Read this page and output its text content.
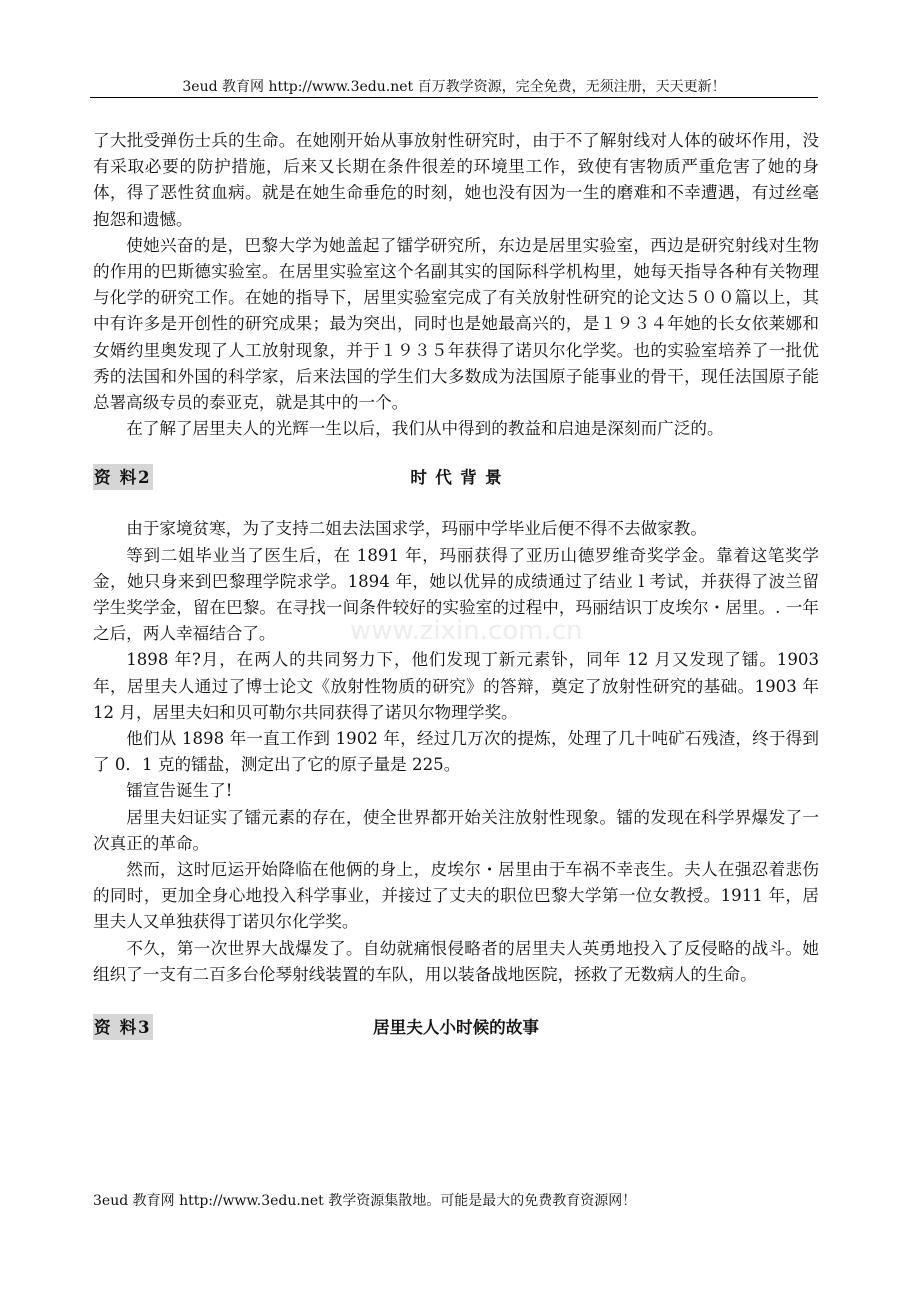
3eud 教育网 http://www.3edu.net 百万教学资源，完全免费，无须注册，天天更新！
www.zixin.com.cn

了大批受弹伤士兵的生命。在她刚开始从事放射性研究时，由于不了解射线对人体的破坏作用，没有采取必要的防护措施，后来又长期在条件很差的环境里工作，致使有害物质严重危害了她的身体，得了恶性贫血病。就是在她生命垂危的时刻，她也没有因为一生的磨难和不幸遭遇，有过丝毫抱怨和遗憾。

使她兴奋的是，巴黎大学为她盖起了镭学研究所，东边是居里实验室，西边是研究射线对生物的作用的巴斯德实验室。在居里实验室这个名副其实的国际科学机构里，她每天指导各种有关物理与化学的研究工作。在她的指导下，居里实验室完成了有关放射性研究的论文达５００篇以上，其中有许多是开创性的研究成果；最为突出，同时也是她最高兴的，是１９３４年她的长女依莱娜和女婿约里奥发现了人工放射现象，并于１９３５年获得了诺贝尔化学奖。也的实验室培养了一批优秀的法国和外国的科学家，后来法国的学生们大多数成为法国原子能事业的骨干，现任法国原子能总署高级专员的泰亚克，就是其中的一个。

在了解了居里夫人的光辉一生以后，我们从中得到的教益和启迪是深刻而广泛的。

资 料2	时代背景

由于家境贫寒，为了支持二姐去法国求学，玛丽中学毕业后便不得不去做家教。

等到二姐毕业当了医生后，在 1891 年，玛丽获得了亚历山德罗维奇奖学金。靠着这笔奖学金，她只身来到巴黎理学院求学。1894 年，她以优异的成绩通过了结业 l 考试，并获得了波兰留学生奖学金，留在巴黎。在寻找一间条件较好的实验室的过程中，玛丽结识丁皮埃尔・居里。. 一年之后，两人幸福结合了。

1898 年?月，在两人的共同努力下，他们发现丁新元素钋，同年 12 月又发现了镭。1903 年，居里夫人通过了博士论文《放射性物质的研究》的答辩，奠定了放射性研究的基础。1903 年 12 月，居里夫妇和贝可勒尔共同获得了诺贝尔物理学奖。

他们从 1898 年一直工作到 1902 年，经过几万次的提炼，处理了几十吨矿石残渣，终于得到了 0．1 克的镭盐，测定出了它的原子量是 225。

镭宣告诞生了!

居里夫妇证实了镭元素的存在，使全世界都开始关注放射性现象。镭的发现在科学界爆发了一次真正的革命。

然而，这时厄运开始降临在他俩的身上，皮埃尔・居里由于车祸不幸丧生。夫人在强忍着悲伤的同时，更加全身心地投入科学事业，并接过了丈夫的职位巴黎大学第一位女教授。1911 年，居里夫人又单独获得丁诺贝尔化学奖。

不久，第一次世界大战爆发了。自幼就痛恨侵略者的居里夫人英勇地投入了反侵略的战斗。她组织了一支有二百多台伦琴射线装置的车队，用以装备战地医院，拯救了无数病人的生命。

资 料3	居里夫人小时候的故事
3eud 教育网 http://www.3edu.net 教学资源集散地。可能是最大的免费教育资源网！
